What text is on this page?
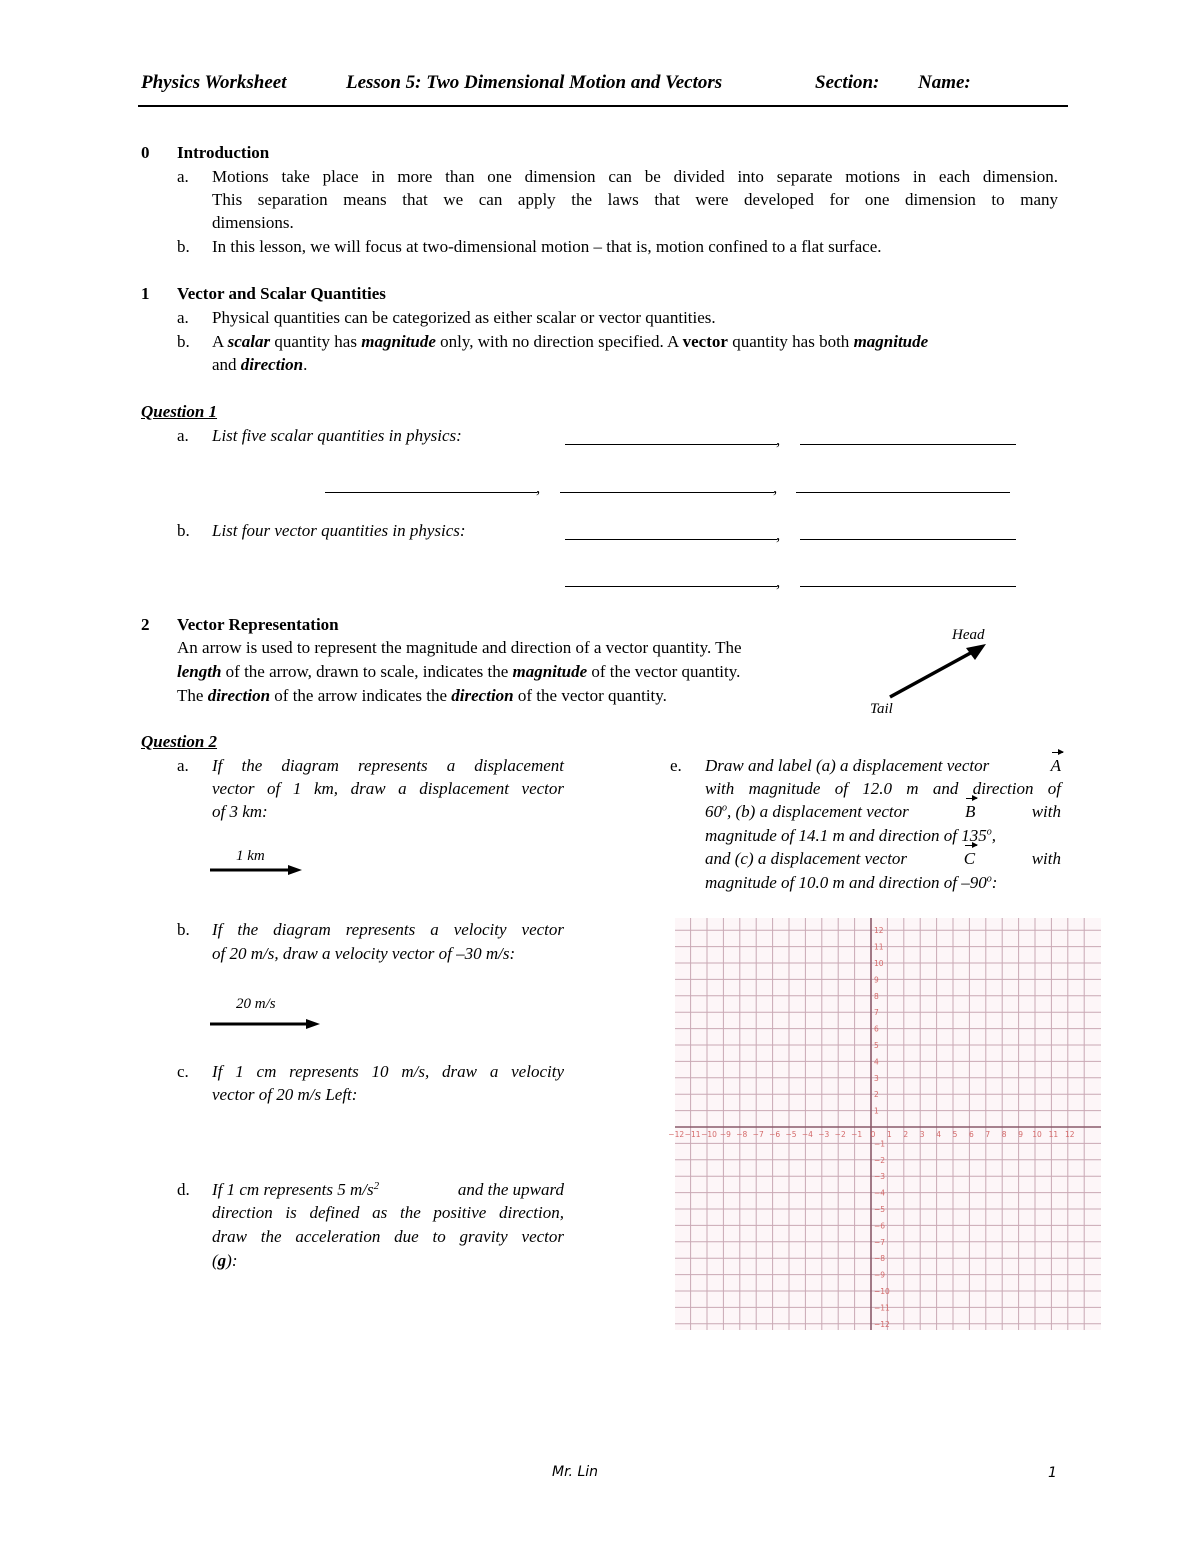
Physics Worksheet	Lesson 5: Two Dimensional Motion and Vectors	Section: Name:
0 Introduction
a. Motions take place in more than one dimension can be divided into separate motions in each dimension.
This separation means that we can apply the laws that were developed for one dimension to many
dimensions.
b. In this lesson, we will focus at two-dimensional motion – that is, motion confined to a flat surface.
1 Vector and Scalar Quantities
a. Physical quantities can be categorized as either scalar or vector quantities.
b. A scalar quantity has magnitude only, with no direction specified. A vector quantity has both magnitude
and direction.
Question 1
a. List five scalar quantities in physics:	,
,	,
b. List four vector quantities in physics:	,
,
2 Vector Representation
An arrow is used to represent the magnitude and direction of a vector quantity. The
length of the arrow, drawn to scale, indicates the magnitude of the vector quantity.
The direction of the arrow indicates the direction of the vector quantity.
Head
Tail
Question 2
a. If the diagram represents a displacement
vector of 1 km, draw a displacement vector
of 3 km:
1 km
b. If the diagram represents a velocity vector
of 20 m/s, draw a velocity vector of –30 m/s:
20 m/s
c. If 1 cm represents 10 m/s, draw a velocity
vector of 20 m/s Left:
d. If 1 cm represents 5 m/s 2	and the upward
direction is defined as the positive direction,
draw the acceleration due to gravity vector
(g):
e. Draw and label (a) a displacement vector	A
with magnitude of 12.0 m and direction of
60$^o$, (b) a displacement vector	B	with
magnitude of 14.1 m and direction of 135$^o$,
and (c) a displacement vector	C	with
magnitude of 10.0 m and direction of $-90^o$:
−12
−12
−11
−11
−10
−10
−9
−9
−8
−8
−7
−7
−6
−6
−5
−5
−4
−4
−3
−3
−2
−2
−1
−1
0 1
1
2
2
3
3
4
4
5
5
6
6
7
7
8
8
9
9
10
10
11
11
12
12
Mr. Lin	1
